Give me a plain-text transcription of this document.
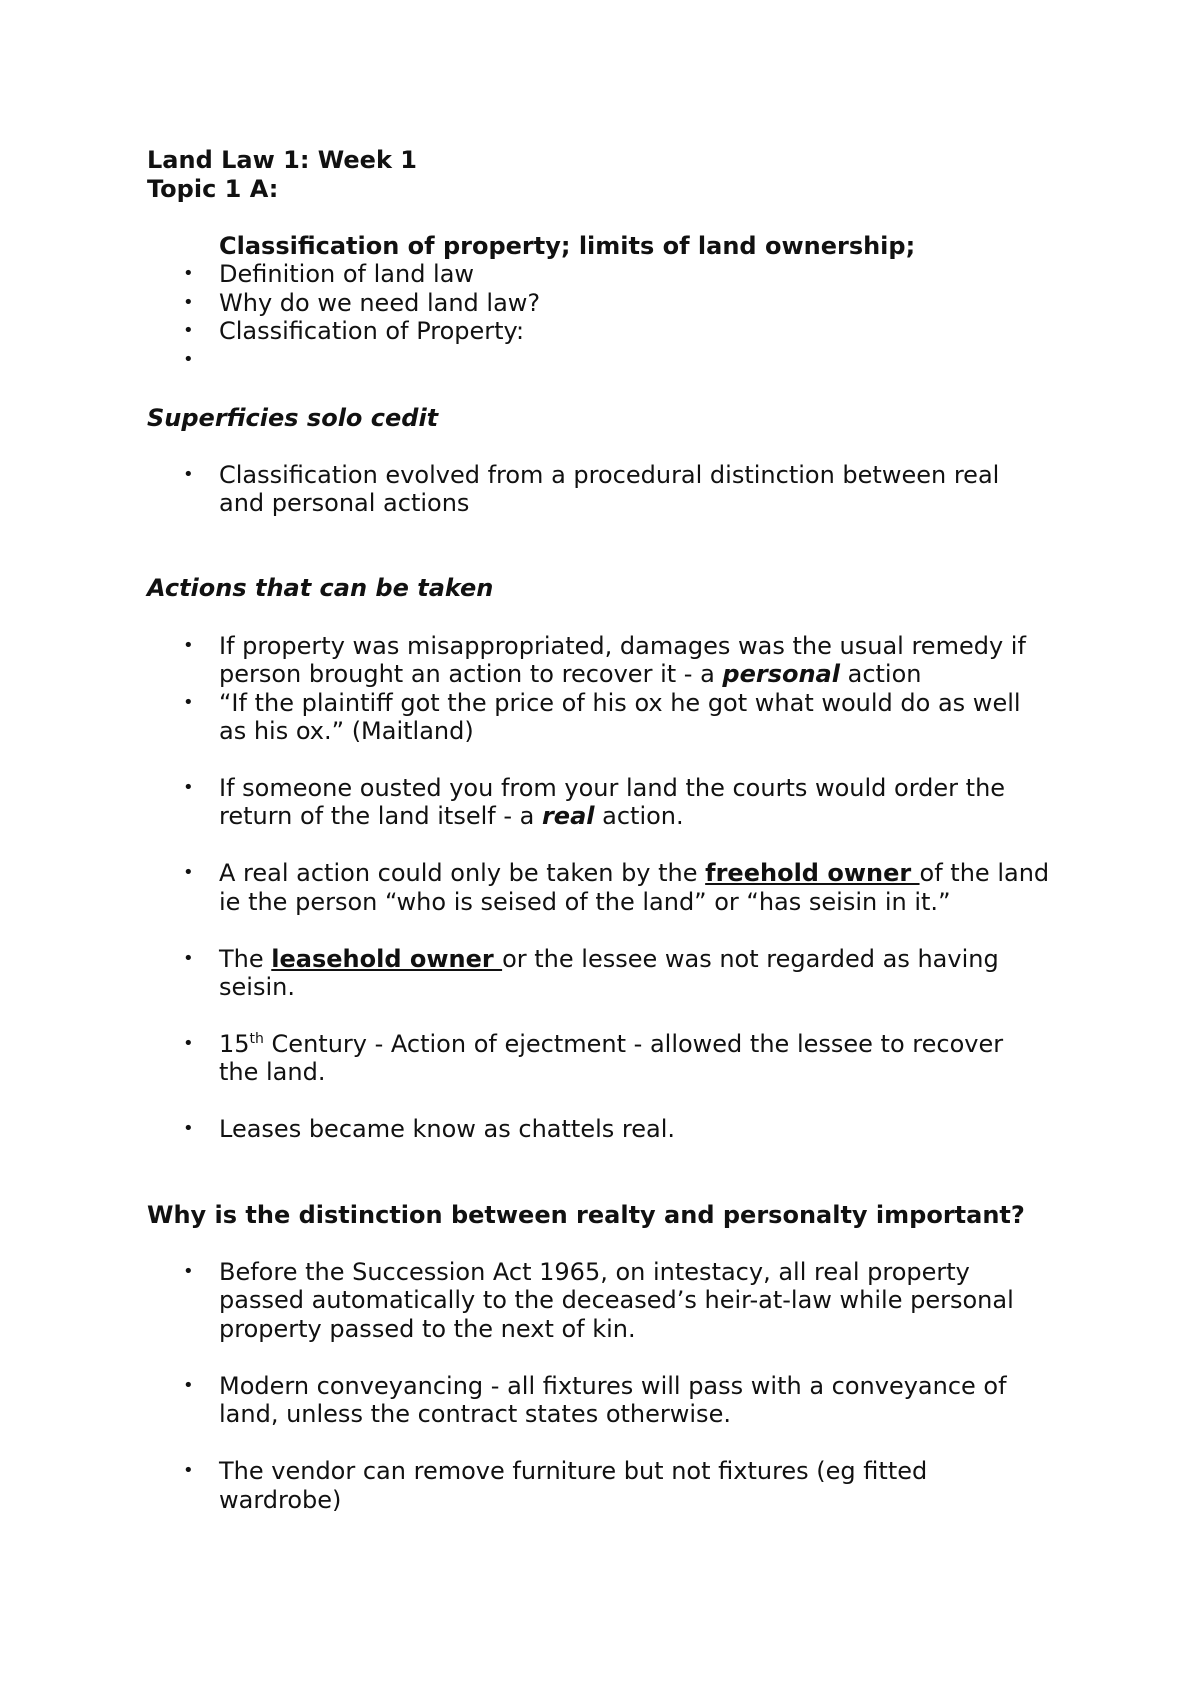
Land Law 1: Week 1
Topic 1 A:
Classification of property; limits of land ownership;
• Definition of land law
• Why do we need land law?
• Classification of Property:
•
Superficies solo cedit
• Classification evolved from a procedural distinction between real
and personal actions
Actions that can be taken
• If property was misappropriated, damages was the usual remedy if
person brought an action to recover it - a personal action
• “If the plaintiff got the price of his ox he got what would do as well
as his ox.” (Maitland)
• If someone ousted you from your land the courts would order the
return of the land itself - a real action.
• A real action could only be taken by the freehold owner of the land
ie the person “who is seised of the land” or “has seisin in it.”
• The leasehold owner or the lessee was not regarded as having
seisin.
• 15th Century - Action of ejectment - allowed the lessee to recover
the land.
• Leases became know as chattels real.
Why is the distinction between realty and personalty important?
• Before the Succession Act 1965, on intestacy, all real property
passed automatically to the deceased’s heir-at-law while personal
property passed to the next of kin.
• Modern conveyancing - all fixtures will pass with a conveyance of
land, unless the contract states otherwise.
• The vendor can remove furniture but not fixtures (eg fitted
wardrobe)
